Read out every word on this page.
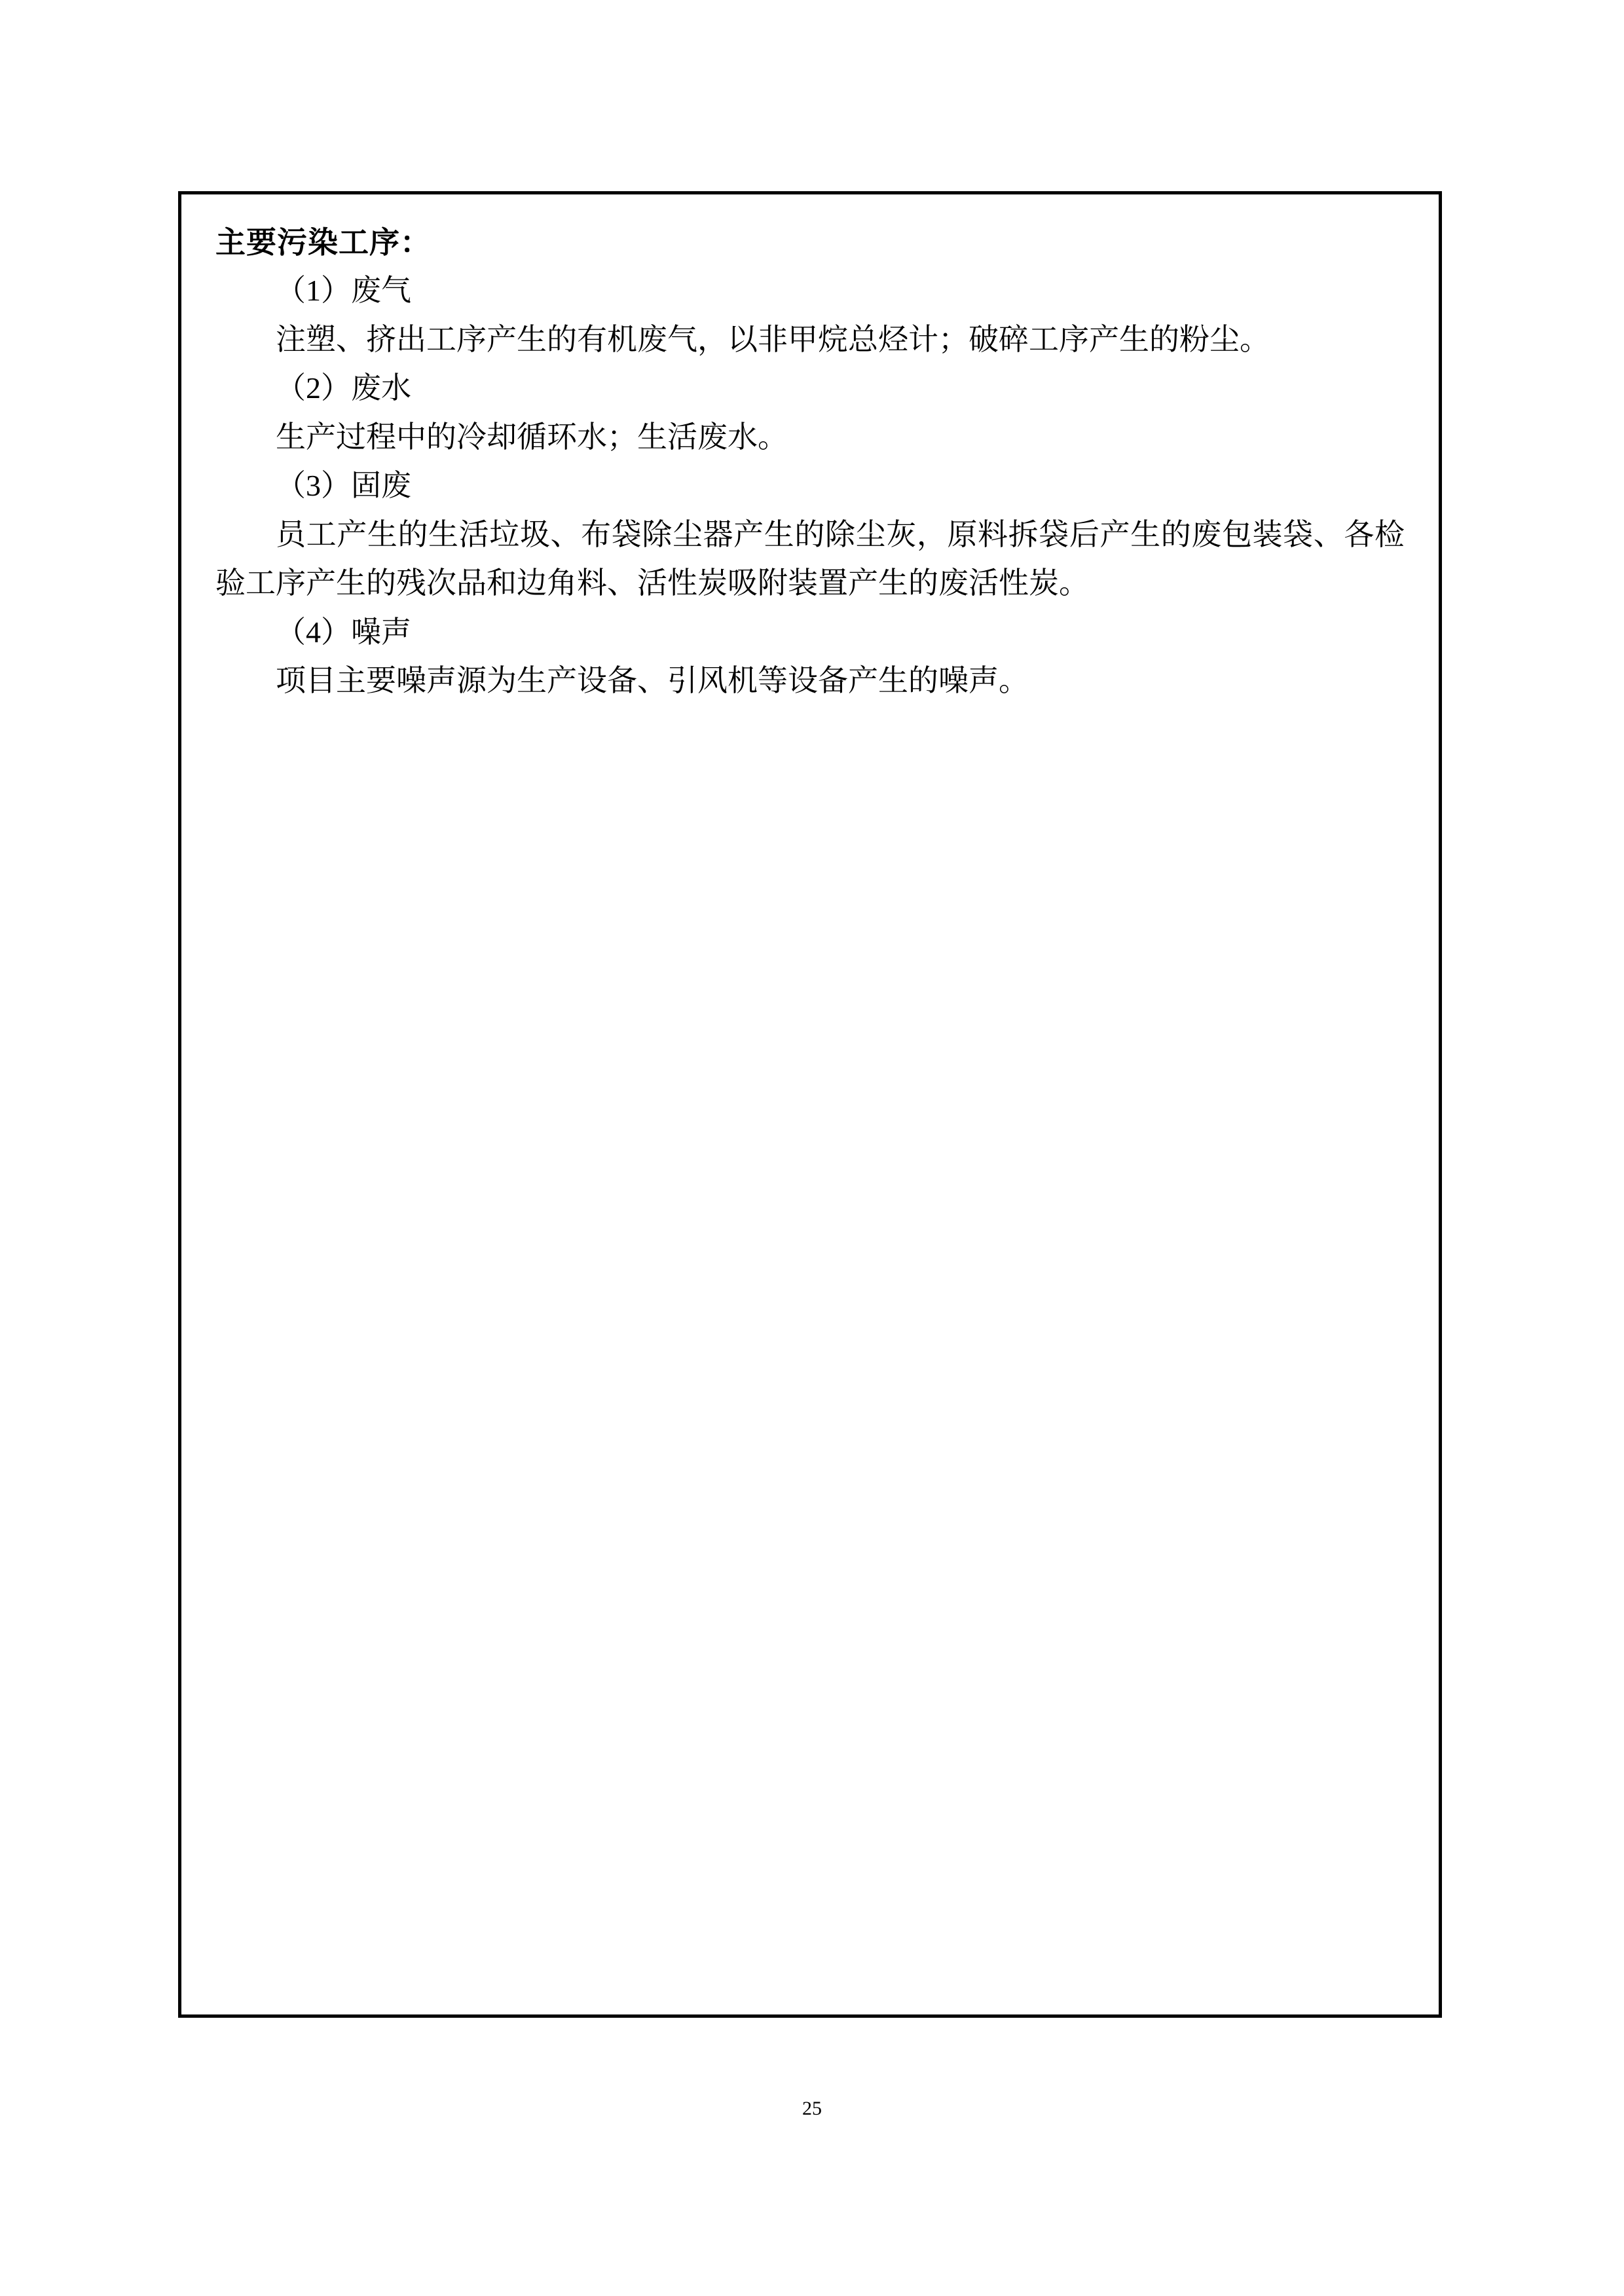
主要污染工序：
（1）废气
注塑、挤出工序产生的有机废气，以非甲烷总烃计；破碎工序产生的粉尘。
（2）废水
生产过程中的冷却循环水；生活废水。
（3）固废
员工产生的生活垃圾、布袋除尘器产生的除尘灰，原料拆袋后产生的废包装袋、各检验工序产生的残次品和边角料、活性炭吸附装置产生的废活性炭。
（4）噪声
项目主要噪声源为生产设备、引风机等设备产生的噪声。
25
